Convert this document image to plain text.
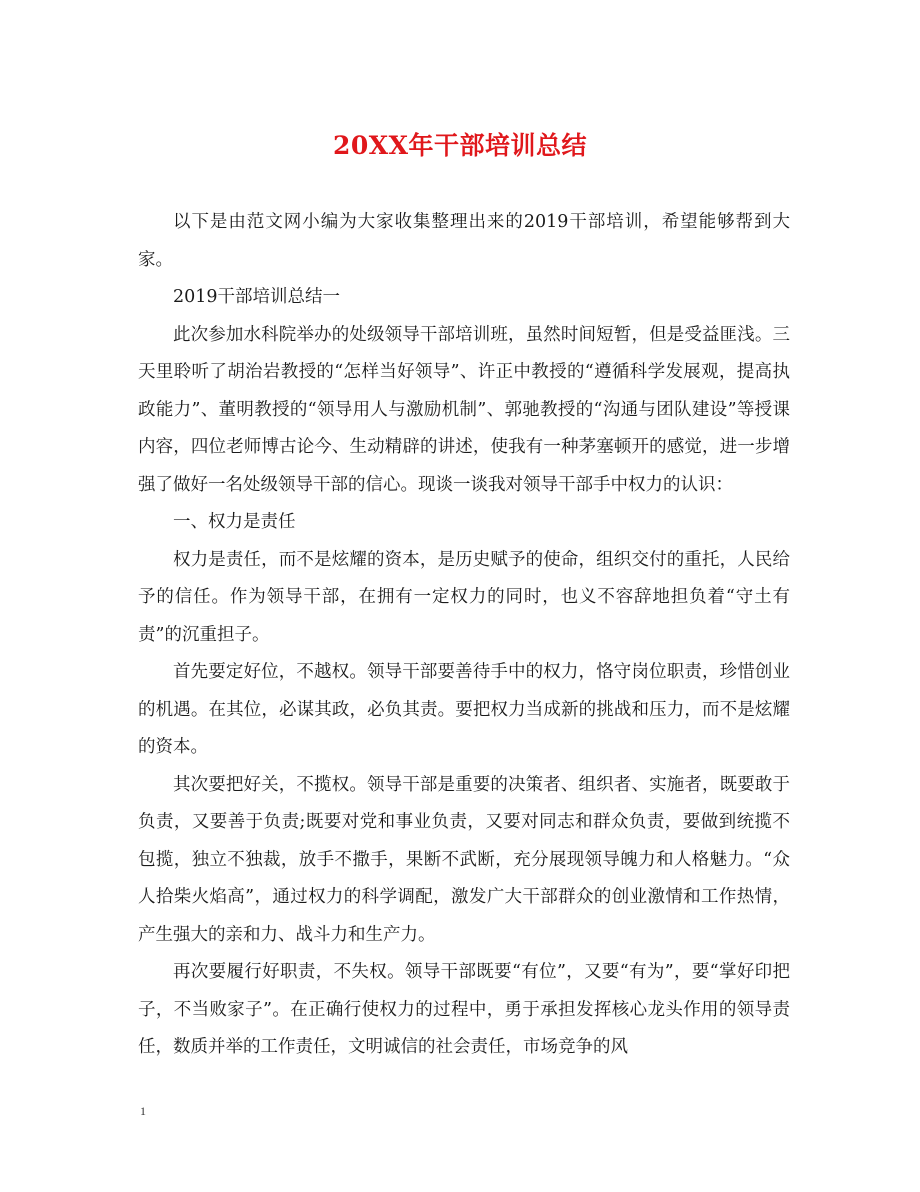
20XX年干部培训总结

以下是由范文网小编为大家收集整理出来的2019干部培训，希望能够帮到大家。

2019干部培训总结一

此次参加水科院举办的处级领导干部培训班，虽然时间短暂，但是受益匪浅。三天里聆听了胡治岩教授的“怎样当好领导”、许正中教授的“遵循科学发展观，提高执政能力”、董明教授的“领导用人与激励机制”、郭驰教授的“沟通与团队建设”等授课内容，四位老师博古论今、生动精辟的讲述，使我有一种茅塞顿开的感觉，进一步增强了做好一名处级领导干部的信心。现谈一谈我对领导干部手中权力的认识：

一、权力是责任

权力是责任，而不是炫耀的资本，是历史赋予的使命，组织交付的重托，人民给予的信任。作为领导干部，在拥有一定权力的同时，也义不容辞地担负着“守土有责”的沉重担子。

首先要定好位，不越权。领导干部要善待手中的权力，恪守岗位职责，珍惜创业的机遇。在其位，必谋其政，必负其责。要把权力当成新的挑战和压力，而不是炫耀的资本。

其次要把好关，不揽权。领导干部是重要的决策者、组织者、实施者，既要敢于负责，又要善于负责;既要对党和事业负责，又要对同志和群众负责，要做到统揽不包揽，独立不独裁，放手不撒手，果断不武断，充分展现领导魄力和人格魅力。“众人拾柴火焰高”，通过权力的科学调配，激发广大干部群众的创业激情和工作热情，产生强大的亲和力、战斗力和生产力。

再次要履行好职责，不失权。领导干部既要“有位”，又要“有为”，要“掌好印把子，不当败家子”。在正确行使权力的过程中，勇于承担发挥核心龙头作用的领导责任，数质并举的工作责任，文明诚信的社会责任，市场竞争的风

1
